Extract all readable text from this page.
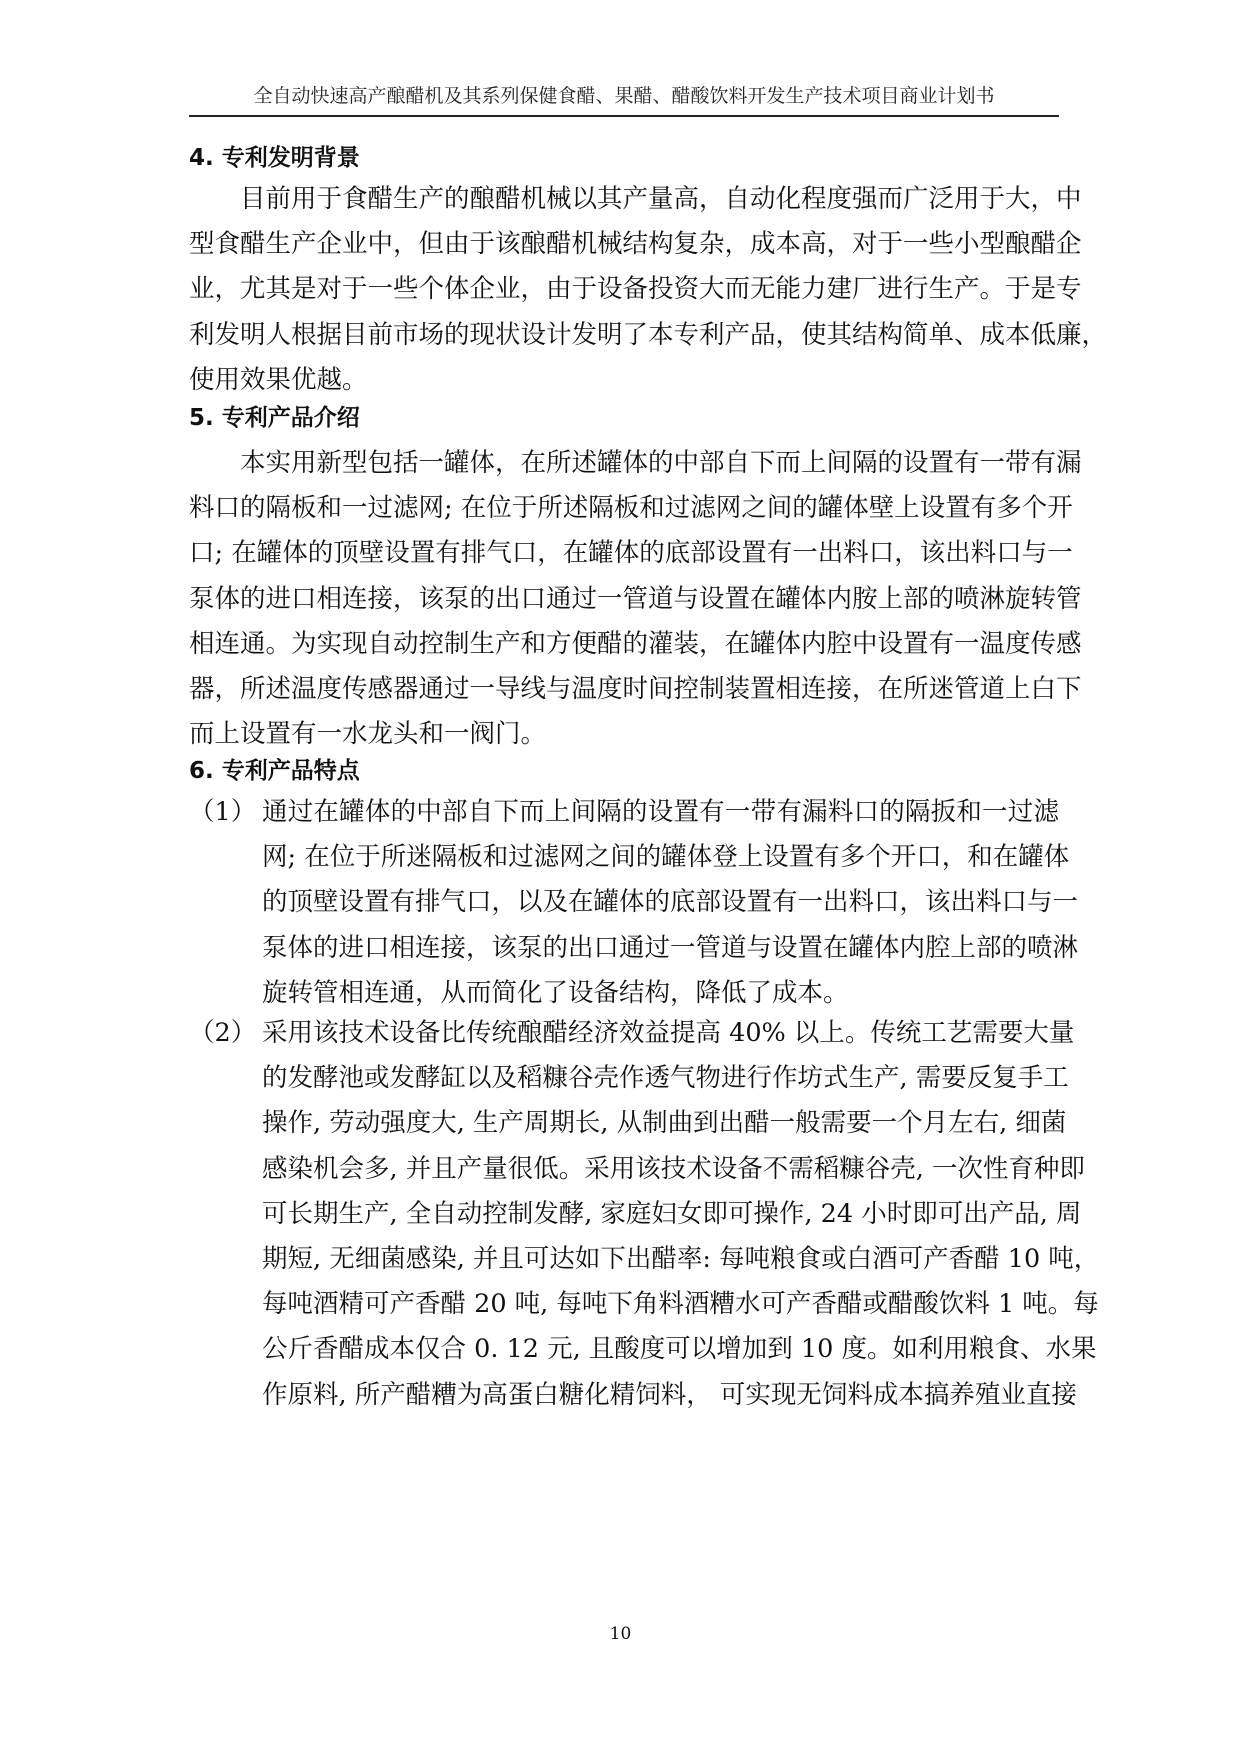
全自动快速高产酿醋机及其系列保健食醋、果醋、醋酸饮料开发生产技术项目商业计划书
4. 专利发明背景
　　目前用于食醋生产的酿醋机械以其产量高，自动化程度强而广泛用于大，中
型食醋生产企业中，但由于该酿醋机械结构复杂，成本高，对于一些小型酿醋企
业，尤其是对于一些个体企业，由于设备投资大而无能力建厂进行生产。于是专
利发明人根据目前市场的现状设计发明了本专利产品，使其结构简单、成本低廉，
使用效果优越。
5. 专利产品介绍
　　本实用新型包括一罐体，在所述罐体的中部自下而上间隔的设置有一带有漏
料口的隔板和一过滤网; 在位于所述隔板和过滤网之间的罐体壁上设置有多个开
口; 在罐体的顶壁设置有排气口，在罐体的底部设置有一出料口，该出料口与一
泵体的进口相连接，该泵的出口通过一管道与设置在罐体内胺上部的喷淋旋转管
相连通。为实现自动控制生产和方便醋的灌装，在罐体内腔中设置有一温度传感
器，所述温度传感器通过一导线与温度时间控制装置相连接，在所迷管道上白下
而上设置有一水龙头和一阀门。
6. 专利产品特点
（1） 通过在罐体的中部自下而上间隔的设置有一带有漏料口的隔扳和一过滤
网; 在位于所迷隔板和过滤网之间的罐体登上设置有多个开口，和在罐体
的顶壁设置有排气口，以及在罐体的底部设置有一出料口，该出料口与一
泵体的进口相连接，该泵的出口通过一管道与设置在罐体内腔上部的喷淋
旋转管相连通，从而简化了设备结构，降低了成本。
（2） 采用该技术设备比传统酿醋经济效益提高 40% 以上。传统工艺需要大量
的发酵池或发酵缸以及稻糠谷壳作透气物进行作坊式生产, 需要反复手工
操作, 劳动强度大, 生产周期长, 从制曲到出醋一般需要一个月左右, 细菌
感染机会多, 并且产量很低。采用该技术设备不需稻糠谷壳, 一次性育种即
可长期生产, 全自动控制发酵, 家庭妇女即可操作, 24 小时即可出产品, 周
期短, 无细菌感染, 并且可达如下出醋率: 每吨粮食或白酒可产香醋 10 吨，
每吨酒精可产香醋 20 吨, 每吨下角料酒糟水可产香醋或醋酸饮料 1 吨。每
公斤香醋成本仅合 0. 12 元, 且酸度可以增加到 10 度。如利用粮食、水果
作原料, 所产醋糟为高蛋白糖化精饲料， 可实现无饲料成本搞养殖业直接
10
